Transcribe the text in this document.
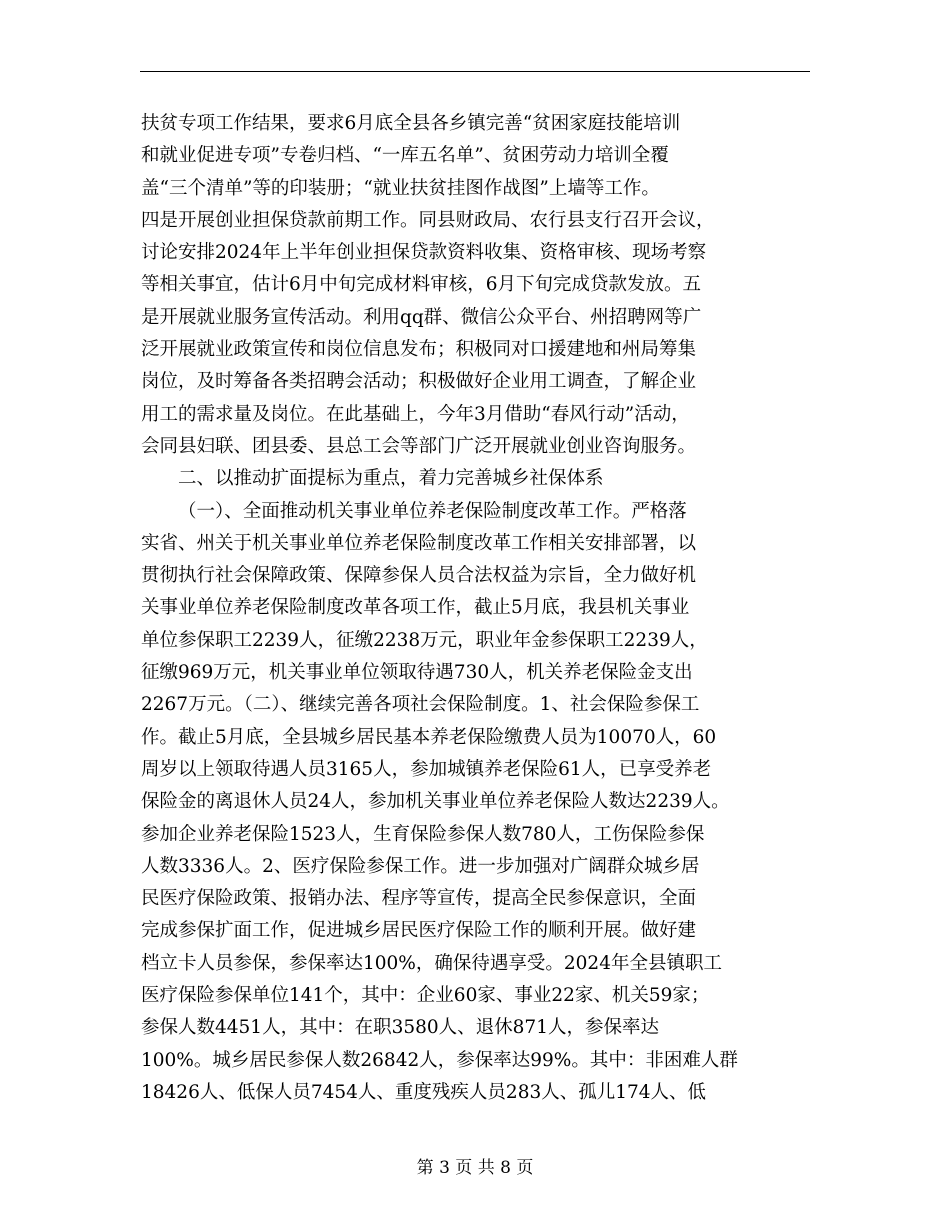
扶贫专项工作结果，要求6月底全县各乡镇完善“贫困家庭技能培训
和就业促进专项”专卷归档、“一库五名单”、贫困劳动力培训全覆
盖“三个清单”等的印装册；“就业扶贫挂图作战图”上墙等工作。
四是开展创业担保贷款前期工作。同县财政局、农行县支行召开会议，
讨论安排2024年上半年创业担保贷款资料收集、资格审核、现场考察
等相关事宜，估计6月中旬完成材料审核，6月下旬完成贷款发放。五
是开展就业服务宣传活动。利用qq群、微信公众平台、州招聘网等广
泛开展就业政策宣传和岗位信息发布；积极同对口援建地和州局筹集
岗位，及时筹备各类招聘会活动；积极做好企业用工调查，了解企业
用工的需求量及岗位。在此基础上，今年3月借助“春风行动”活动，
会同县妇联、团县委、县总工会等部门广泛开展就业创业咨询服务。
二、以推动扩面提标为重点，着力完善城乡社保体系
（一）、全面推动机关事业单位养老保险制度改革工作。严格落
实省、州关于机关事业单位养老保险制度改革工作相关安排部署，以
贯彻执行社会保障政策、保障参保人员合法权益为宗旨，全力做好机
关事业单位养老保险制度改革各项工作，截止5月底，我县机关事业
单位参保职工2239人，征缴2238万元，职业年金参保职工2239人，
征缴969万元，机关事业单位领取待遇730人，机关养老保险金支出
2267万元。（二）、继续完善各项社会保险制度。1、社会保险参保工
作。截止5月底，全县城乡居民基本养老保险缴费人员为10070人，60
周岁以上领取待遇人员3165人，参加城镇养老保险61人，已享受养老
保险金的离退休人员24人，参加机关事业单位养老保险人数达2239人。
参加企业养老保险1523人，生育保险参保人数780人，工伤保险参保
人数3336人。2、医疗保险参保工作。进一步加强对广阔群众城乡居
民医疗保险政策、报销办法、程序等宣传，提高全民参保意识，全面
完成参保扩面工作，促进城乡居民医疗保险工作的顺利开展。做好建
档立卡人员参保，参保率达100%，确保待遇享受。2024年全县镇职工
医疗保险参保单位141个，其中：企业60家、事业22家、机关59家；
参保人数4451人，其中：在职3580人、退休871人，参保率达
100%。城乡居民参保人数26842人，参保率达99%。其中：非困难人群
18426人、低保人员7454人、重度残疾人员283人、孤儿174人、低
第 3 页 共 8 页
